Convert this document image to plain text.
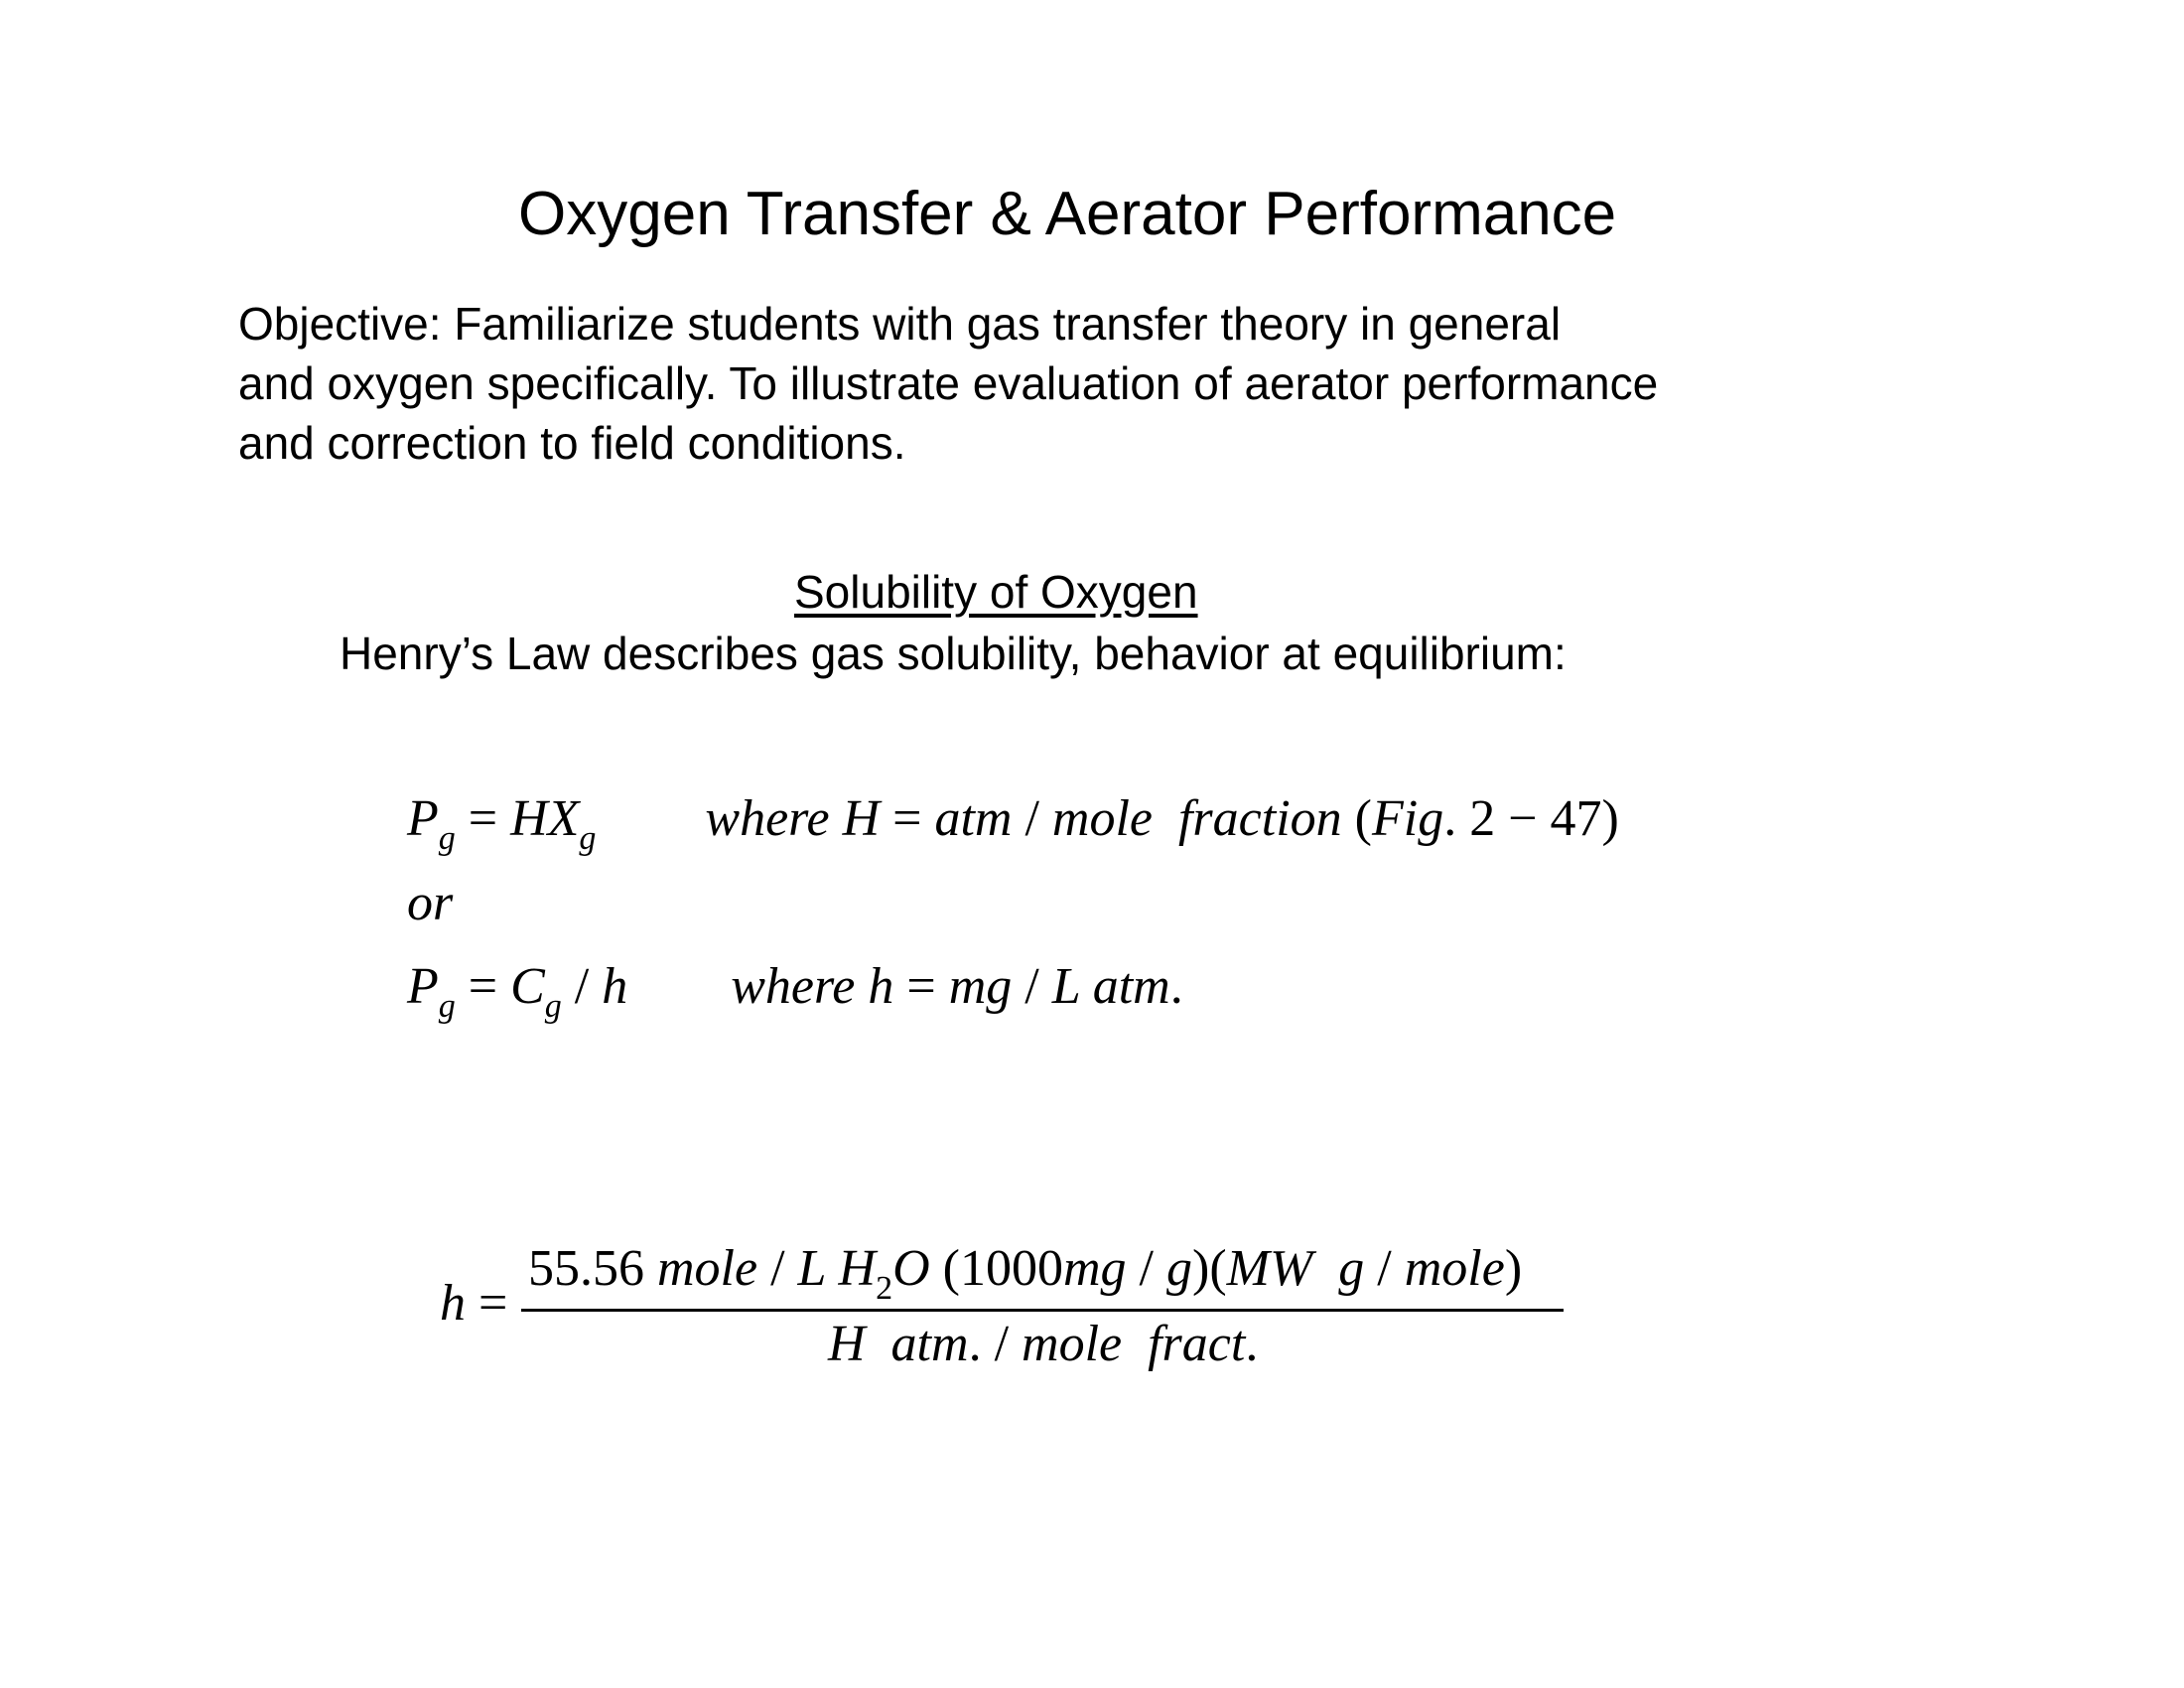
Oxygen Transfer & Aerator Performance
Objective: Familiarize students with gas transfer theory in general
and oxygen specifically. To illustrate evaluation of aerator performance
and correction to field conditions.
Solubility of Oxygen
Henry’s Law describes gas solubility, behavior at equilibrium:
$P_g = HX_g$ where H = atm / mole  fraction (Fig. 2 − 47)
or
$P_g = C_g / h$ where h = mg / L atm.
h =
55.56 mole / L $H_2O$ (1000mg / g)(MW  g / mole)
H  atm. / mole  fract.
